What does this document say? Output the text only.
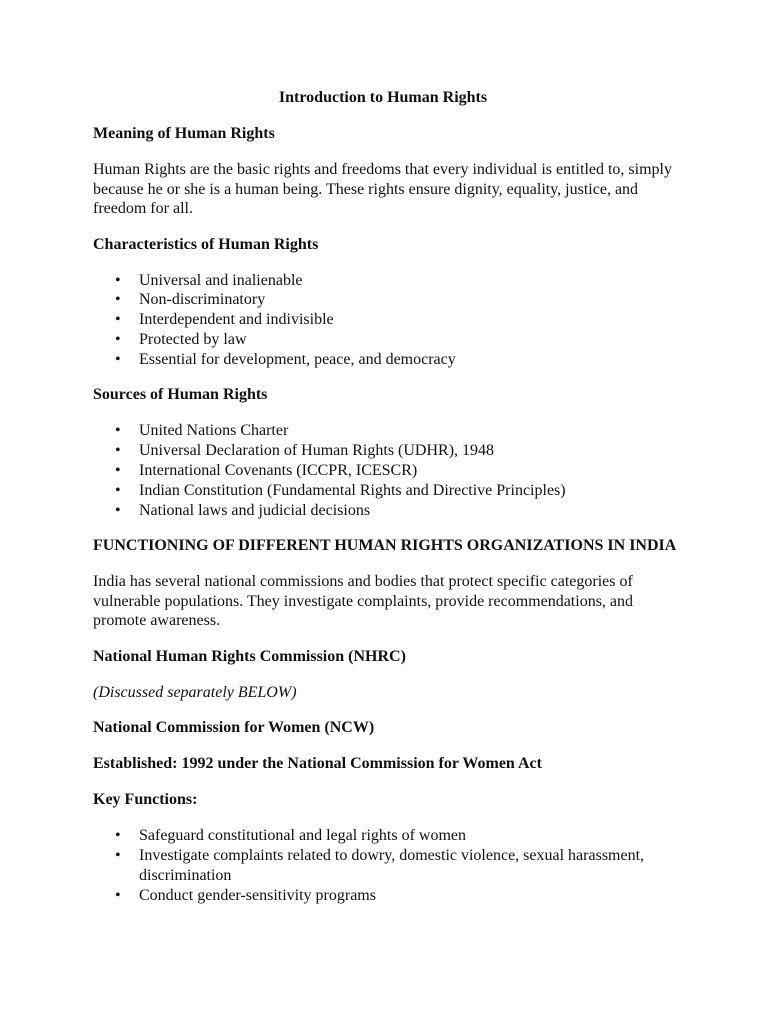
Introduction to Human Rights
Meaning of Human Rights

Human Rights are the basic rights and freedoms that every individual is entitled to, simply because he or she is a human being. These rights ensure dignity, equality, justice, and freedom for all.

Characteristics of Human Rights
• Universal and inalienable
• Non-discriminatory
• Interdependent and indivisible
• Protected by law
• Essential for development, peace, and democracy
Sources of Human Rights
• United Nations Charter
• Universal Declaration of Human Rights (UDHR), 1948
• International Covenants (ICCPR, ICESCR)
• Indian Constitution (Fundamental Rights and Directive Principles)
• National laws and judicial decisions
FUNCTIONING OF DIFFERENT HUMAN RIGHTS ORGANIZATIONS IN INDIA

India has several national commissions and bodies that protect specific categories of vulnerable populations. They investigate complaints, provide recommendations, and promote awareness.

National Human Rights Commission (NHRC)

(Discussed separately BELOW)

National Commission for Women (NCW)
Established: 1992 under the National Commission for Women Act
Key Functions:
• Safeguard constitutional and legal rights of women
• Investigate complaints related to dowry, domestic violence, sexual harassment, discrimination
• Conduct gender-sensitivity programs
